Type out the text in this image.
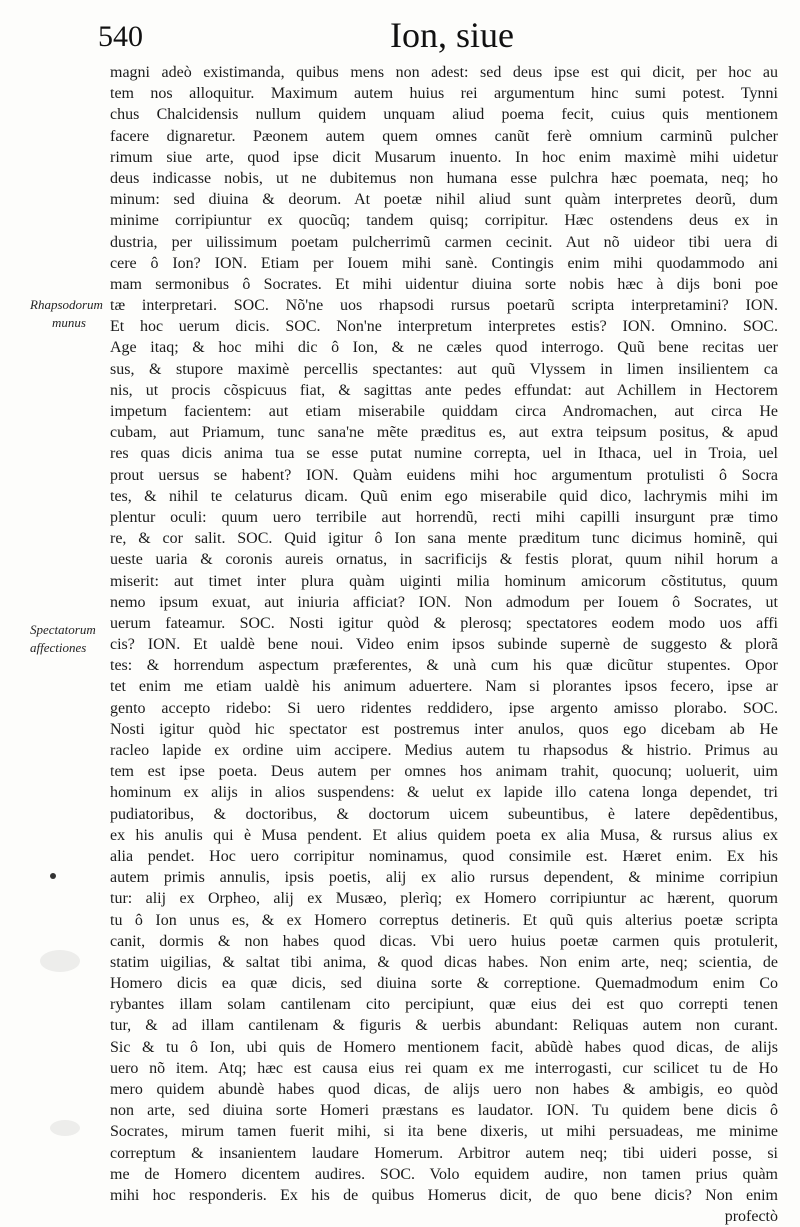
540	Ion, siue
Rhapsodorum
munus
Spectatorum
affectiones
magni adeò existimanda, quibus mens non adest: sed deus ipse est qui dicit, per hoc au
tem nos alloquitur. Maximum autem huius rei argumentum hinc sumi potest. Tynni
chus Chalcidensis nullum quidem unquam aliud poema fecit, cuius quis mentionem
facere dignaretur. Pæonem autem quem omnes canũt ferè omnium carminũ pulcher
rimum siue arte, quod ipse dicit Musarum inuento. In hoc enim maximè mihi uidetur
deus indicasse nobis, ut ne dubitemus non humana esse pulchra hæc poemata, neq; ho
minum: sed diuina & deorum. At poetæ nihil aliud sunt quàm interpretes deorũ, dum
minime corripiuntur ex quocũq; tandem quisq; corripitur. Hæc ostendens deus ex in
dustria, per uilissimum poetam pulcherrimũ carmen cecinit. Aut nõ uideor tibi uera di
cere ô Ion? ION. Etiam per Iouem mihi sanè. Contingis enim mihi quodammodo ani
mam sermonibus ô Socrates. Et mihi uidentur diuina sorte nobis hæc à dijs boni poe
tæ interpretari. SOC. Nõ'ne uos rhapsodi rursus poetarũ scripta interpretamini? ION.
Et hoc uerum dicis. SOC. Non'ne interpretum interpretes estis? ION. Omnino. SOC.
Age itaq; & hoc mihi dic ô Ion, & ne cæles quod interrogo. Quũ bene recitas uer
sus, & stupore maximè percellis spectantes: aut quũ Vlyssem in limen insilientem ca
nis, ut procis cõspicuus fiat, & sagittas ante pedes effundat: aut Achillem in Hectorem
impetum facientem: aut etiam miserabile quiddam circa Andromachen, aut circa He
cubam, aut Priamum, tunc sana'ne mẽte præditus es, aut extra teipsum positus, & apud
res quas dicis anima tua se esse putat numine correpta, uel in Ithaca, uel in Troia, uel
prout uersus se habent? ION. Quàm euidens mihi hoc argumentum protulisti ô Socra
tes, & nihil te celaturus dicam. Quũ enim ego miserabile quid dico, lachrymis mihi im
plentur oculi: quum uero terribile aut horrendũ, recti mihi capilli insurgunt præ timo
re, & cor salit. SOC. Quid igitur ô Ion sana mente præditum tunc dicimus hominẽ, qui
ueste uaria & coronis aureis ornatus, in sacrificijs & festis plorat, quum nihil horum a
miserit: aut timet inter plura quàm uiginti milia hominum amicorum cõstitutus, quum
nemo ipsum exuat, aut iniuria afficiat? ION. Non admodum per Iouem ô Socrates, ut
uerum fateamur. SOC. Nosti igitur quòd & plerosq; spectatores eodem modo uos affi
cis? ION. Et ualdè bene noui. Video enim ipsos subinde supernè de suggesto & plorã
tes: & horrendum aspectum præferentes, & unà cum his quæ dicũtur stupentes. Opor
tet enim me etiam ualdè his animum aduertere. Nam si plorantes ipsos fecero, ipse ar
gento accepto ridebo: Si uero ridentes reddidero, ipse argento amisso plorabo. SOC.
Nosti igitur quòd hic spectator est postremus inter anulos, quos ego dicebam ab He
racleo lapide ex ordine uim accipere. Medius autem tu rhapsodus & histrio. Primus au
tem est ipse poeta. Deus autem per omnes hos animam trahit, quocunq; uoluerit, uim
hominum ex alijs in alios suspendens: & uelut ex lapide illo catena longa dependet, tri
pudiatoribus, & doctoribus, & doctorum uicem subeuntibus, è latere depẽdentibus,
ex his anulis qui è Musa pendent. Et alius quidem poeta ex alia Musa, & rursus alius ex
alia pendet. Hoc uero corripitur nominamus, quod consimile est. Hæret enim. Ex his
autem primis annulis, ipsis poetis, alij ex alio rursus dependent, & minime corripiun
tur: alij ex Orpheo, alij ex Musæo, plerìq; ex Homero corripiuntur ac hærent, quorum
tu ô Ion unus es, & ex Homero correptus detineris. Et quũ quis alterius poetæ scripta
canit, dormis & non habes quod dicas. Vbi uero huius poetæ carmen quis protulerit,
statim uigilias, & saltat tibi anima, & quod dicas habes. Non enim arte, neq; scientia, de
Homero dicis ea quæ dicis, sed diuina sorte & correptione. Quemadmodum enim Co
rybantes illam solam cantilenam cito percipiunt, quæ eius dei est quo correpti tenen
tur, & ad illam cantilenam & figuris & uerbis abundant: Reliquas autem non curant.
Sic & tu ô Ion, ubi quis de Homero mentionem facit, abũdè habes quod dicas, de alijs
uero nõ item. Atq; hæc est causa eius rei quam ex me interrogasti, cur scilicet tu de Ho
mero quidem abundè habes quod dicas, de alijs uero non habes & ambigis, eo quòd
non arte, sed diuina sorte Homeri præstans es laudator. ION. Tu quidem bene dicis ô
Socrates, mirum tamen fuerit mihi, si ita bene dixeris, ut mihi persuadeas, me minime
correptum & insanientem laudare Homerum. Arbitror autem neq; tibi uideri posse, si
me de Homero dicentem audires. SOC. Volo equidem audire, non tamen prius quàm
mihi hoc responderis. Ex his de quibus Homerus dicit, de quo bene dicis? Non enim
profectò
